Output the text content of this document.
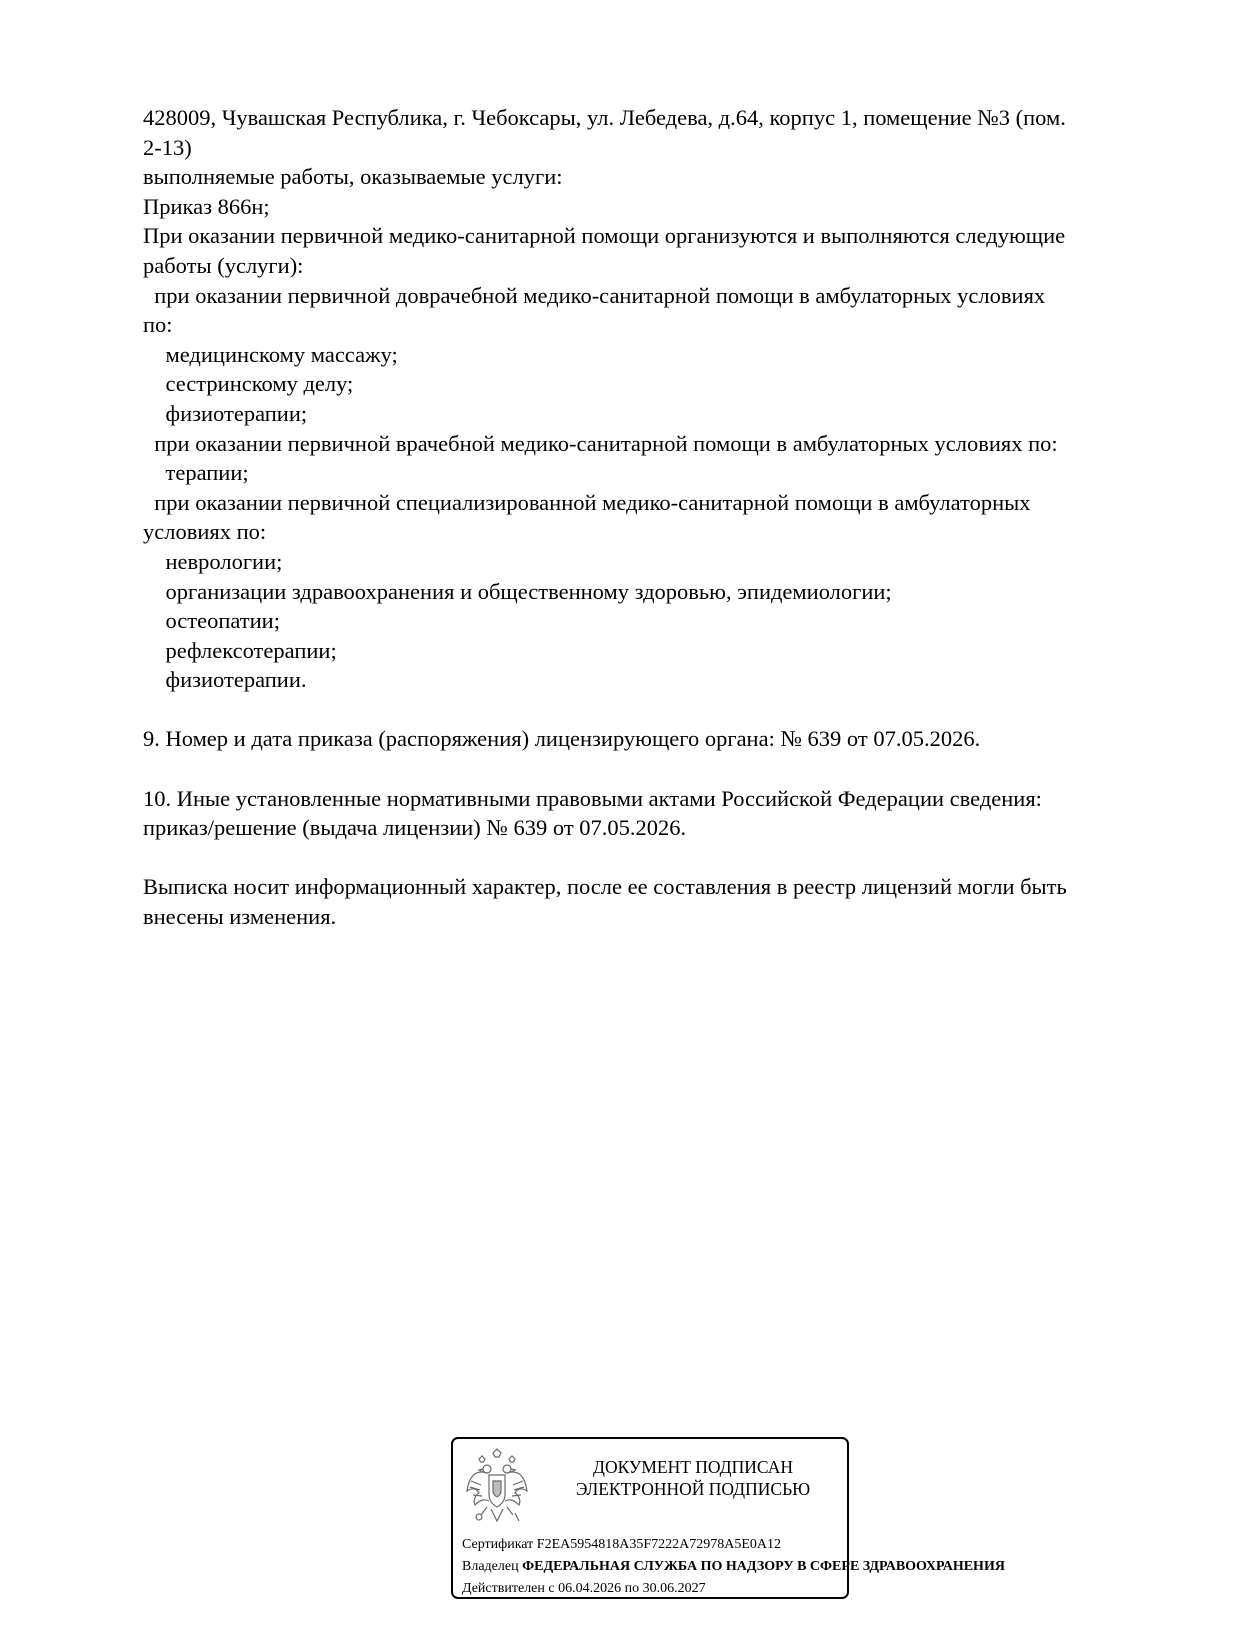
428009, Чувашская Республика, г. Чебоксары, ул. Лебедева, д.64, корпус 1, помещение №3 (пом.
2-13)
выполняемые работы, оказываемые услуги:
Приказ 866н;
При оказании первичной медико-санитарной помощи организуются и выполняются следующие
работы (услуги):
при оказании первичной доврачебной медико-санитарной помощи в амбулаторных условиях
по:
медицинскому массажу;
сестринскому делу;
физиотерапии;
при оказании первичной врачебной медико-санитарной помощи в амбулаторных условиях по:
терапии;
при оказании первичной специализированной медико-санитарной помощи в амбулаторных
условиях по:
неврологии;
организации здравоохранения и общественному здоровью, эпидемиологии;
остеопатии;
рефлексотерапии;
физиотерапии.
9. Номер и дата приказа (распоряжения) лицензирующего органа: № 639 от 07.05.2026.
10. Иные установленные нормативными правовыми актами Российской Федерации сведения:
приказ/решение (выдача лицензии) № 639 от 07.05.2026.
Выписка носит информационный характер, после ее составления в реестр лицензий могли быть
внесены изменения.
ДОКУМЕНТ ПОДПИСАН
ЭЛЕКТРОННОЙ ПОДПИСЬЮ
Сертификат F2EA5954818A35F7222A72978A5E0A12
Владелец ФЕДЕРАЛЬНАЯ СЛУЖБА ПО НАДЗОРУ В СФЕРЕ ЗДРАВООХРАНЕНИЯ
Действителен с 06.04.2026 по 30.06.2027
